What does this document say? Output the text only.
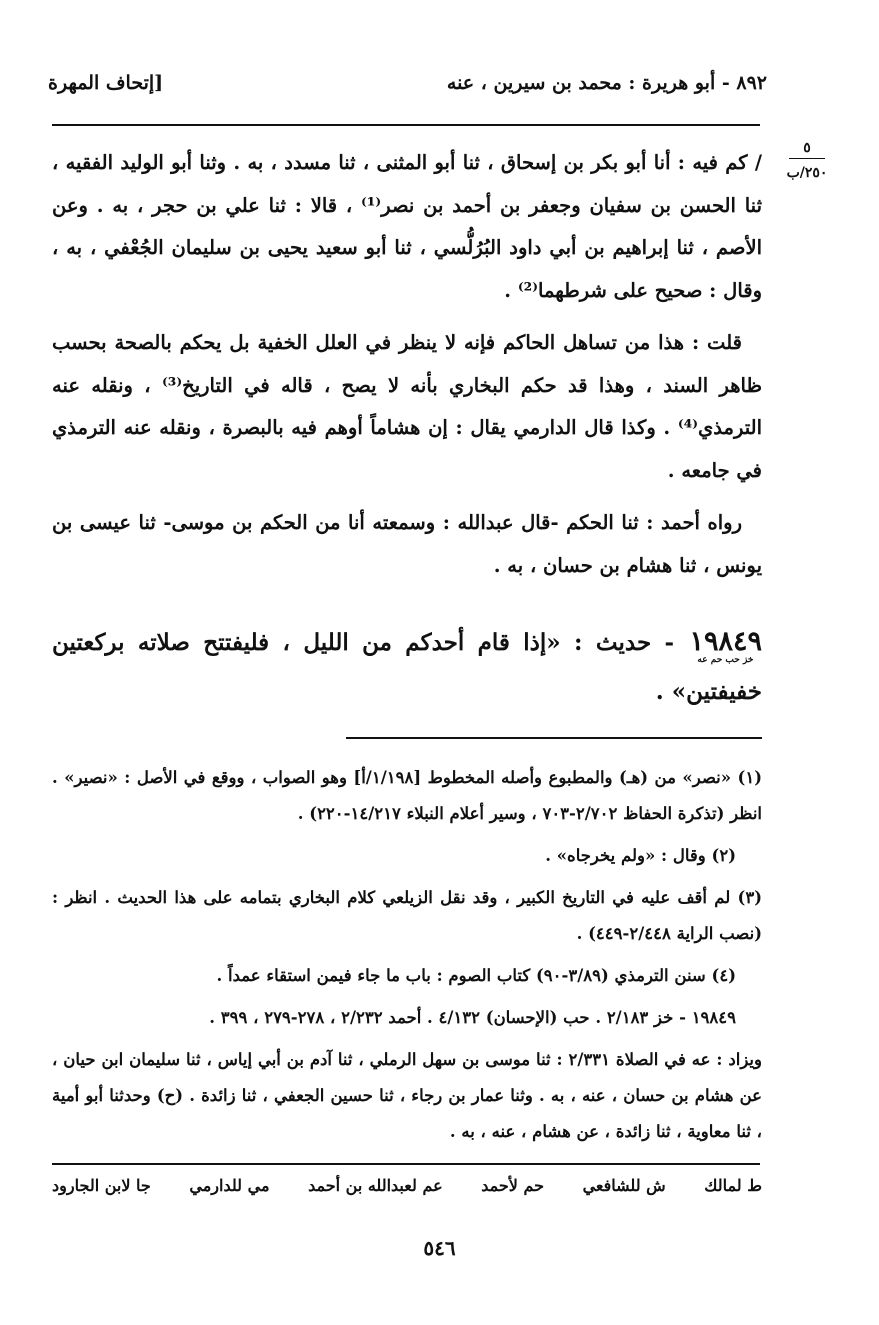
٨٩٢ - أبو هريرة : محمد بن سيرين ، عنه
[إتحاف المهرة
٥
٢٥٠/ب

/ كم فيه : أنا أبو بكر بن إسحاق ، ثنا أبو المثنى ، ثنا مسدد ، به . وثنا أبو الوليد الفقيه ، ثنا الحسن بن سفيان وجعفر بن أحمد بن نصر⁽¹⁾ ، قالا : ثنا علي بن حجر ، به . وعن الأصم ، ثنا إبراهيم بن أبي داود البُرُلُّسي ، ثنا أبو سعيد يحيى بن سليمان الجُعْفي ، به ، وقال : صحيح على شرطهما⁽²⁾ .

قلت : هذا من تساهل الحاكم فإنه لا ينظر في العلل الخفية بل يحكم بالصحة بحسب ظاهر السند ، وهذا قد حكم البخاري بأنه لا يصح ، قاله في التاريخ⁽³⁾ ، ونقله عنه الترمذي⁽⁴⁾ . وكذا قال الدارمي يقال : إن هشاماً أوهم فيه بالبصرة ، ونقله عنه الترمذي في جامعه .

رواه أحمد : ثنا الحكم -قال عبدالله : وسمعته أنا من الحكم بن موسى- ثنا عيسى بن يونس ، ثنا هشام بن حسان ، به .

١٩٨٤٩خز حب حم عه - حديث : «إذا قام أحدكم من الليل ، فليفتتح صلاته بركعتين خفيفتين» .

(١) «نصر» من (هـ) والمطبوع وأصله المخطوط [١/١٩٨/أ] وهو الصواب ، ووقع في الأصل : «نصير» . انظر (تذكرة الحفاظ ٢/٧٠٢-٧٠٣ ، وسير أعلام النبلاء ١٤/٢١٧-٢٢٠) .

(٢) وقال : «ولم يخرجاه» .

(٣) لم أقف عليه في التاريخ الكبير ، وقد نقل الزيلعي كلام البخاري بتمامه على هذا الحديث . انظر : (نصب الراية ٢/٤٤٨-٤٤٩) .

(٤) سنن الترمذي (٣/٨٩-٩٠) كتاب الصوم : باب ما جاء فيمن استقاء عمداً .

١٩٨٤٩ - خز ٢/١٨٣ . حب (الإحسان) ٤/١٣٢ . أحمد ٢/٢٣٢ ، ٢٧٨-٢٧٩ ، ٣٩٩ .

ويزاد : عه في الصلاة ٢/٣٣١ : ثنا موسى بن سهل الرملي ، ثنا آدم بن أبي إياس ، ثنا سليمان ابن حيان ، عن هشام بن حسان ، عنه ، به . وثنا عمار بن رجاء ، ثنا حسين الجعفي ، ثنا زائدة . (ح) وحدثنا أبو أمية ، ثنا معاوية ، ثنا زائدة ، عن هشام ، عنه ، به .

ط لمالك
ش للشافعي
حم لأحمد
عم لعبدالله بن أحمد
مي للدارمي
جا لابن الجارود
٥٤٦
